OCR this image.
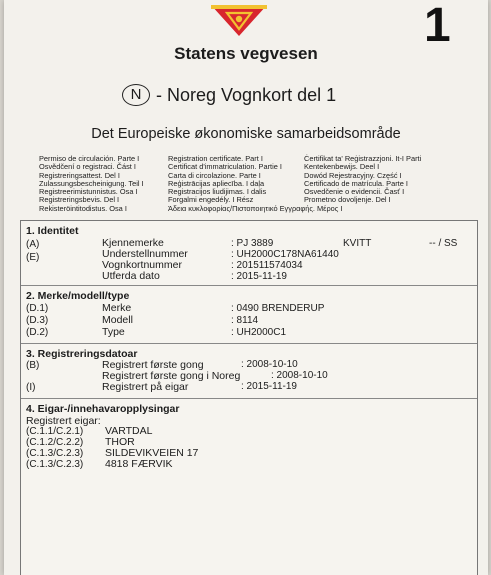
1
Statens vegvesen
N - Noreg Vognkort del 1
Det Europeiske økonomiske samarbeidsområde
Permiso de circulación. Parte I
Osvědčení o registraci. Část I
Registreringsattest. Del I
Zulassungsbescheinigung. Teil I
Registreerimistunnistus. Osa I
Registreringsbevis. Del I
Rekisteröintitodistus. Osa I
Registration certificate. Part I
Certificat d'immatriculation. Partie I
Carta di circolazione. Parte I
Reģistrācijas apliecība. I daļa
Registracijos liudijimas. I dalis
Forgalmi engedély. I Rész
Άδεια κυκλοφορίας/Πιστοποιητικό Εγγραφής. Μέρος Ι
Ċertifikat ta' Reġistrazzjoni. It-I Parti
Kentekenbewijs. Deel I
Dowód Rejestracyjny. Część I
Certificado de matrícula. Parte I
Osvedčenie o evidencii. Časť I
Prometno dovoljenje. Del I
1. Identitet
(A)
(E)
Kjennemerke
Understellnummer
Vognkortnummer
Utferda dato
: PJ 3889
: UH2000C178NA61440
: 201511574034
: 2015-11-19
KVITT	-- / SS
2. Merke/modell/type
(D.1)
(D.3)
(D.2)
Merke
Modell
Type
: 0490 BRENDERUP
: 8114
: UH2000C1
3. Registreringsdatoar
(B)
(I)
Registrert første gong
Registrert første gong i Noreg
Registrert på eigar
: 2008-10-10
: 2008-10-10
: 2015-11-19
4. Eigar-/innehavaropplysingar
Registrert eigar:
(C.1.1/C.2.1)
(C.1.2/C.2.2)
(C.1.3/C.2.3)
(C.1.3/C.2.3)
VARTDAL
THOR
SILDEVIKVEIEN 17
4818 FÆRVIK
